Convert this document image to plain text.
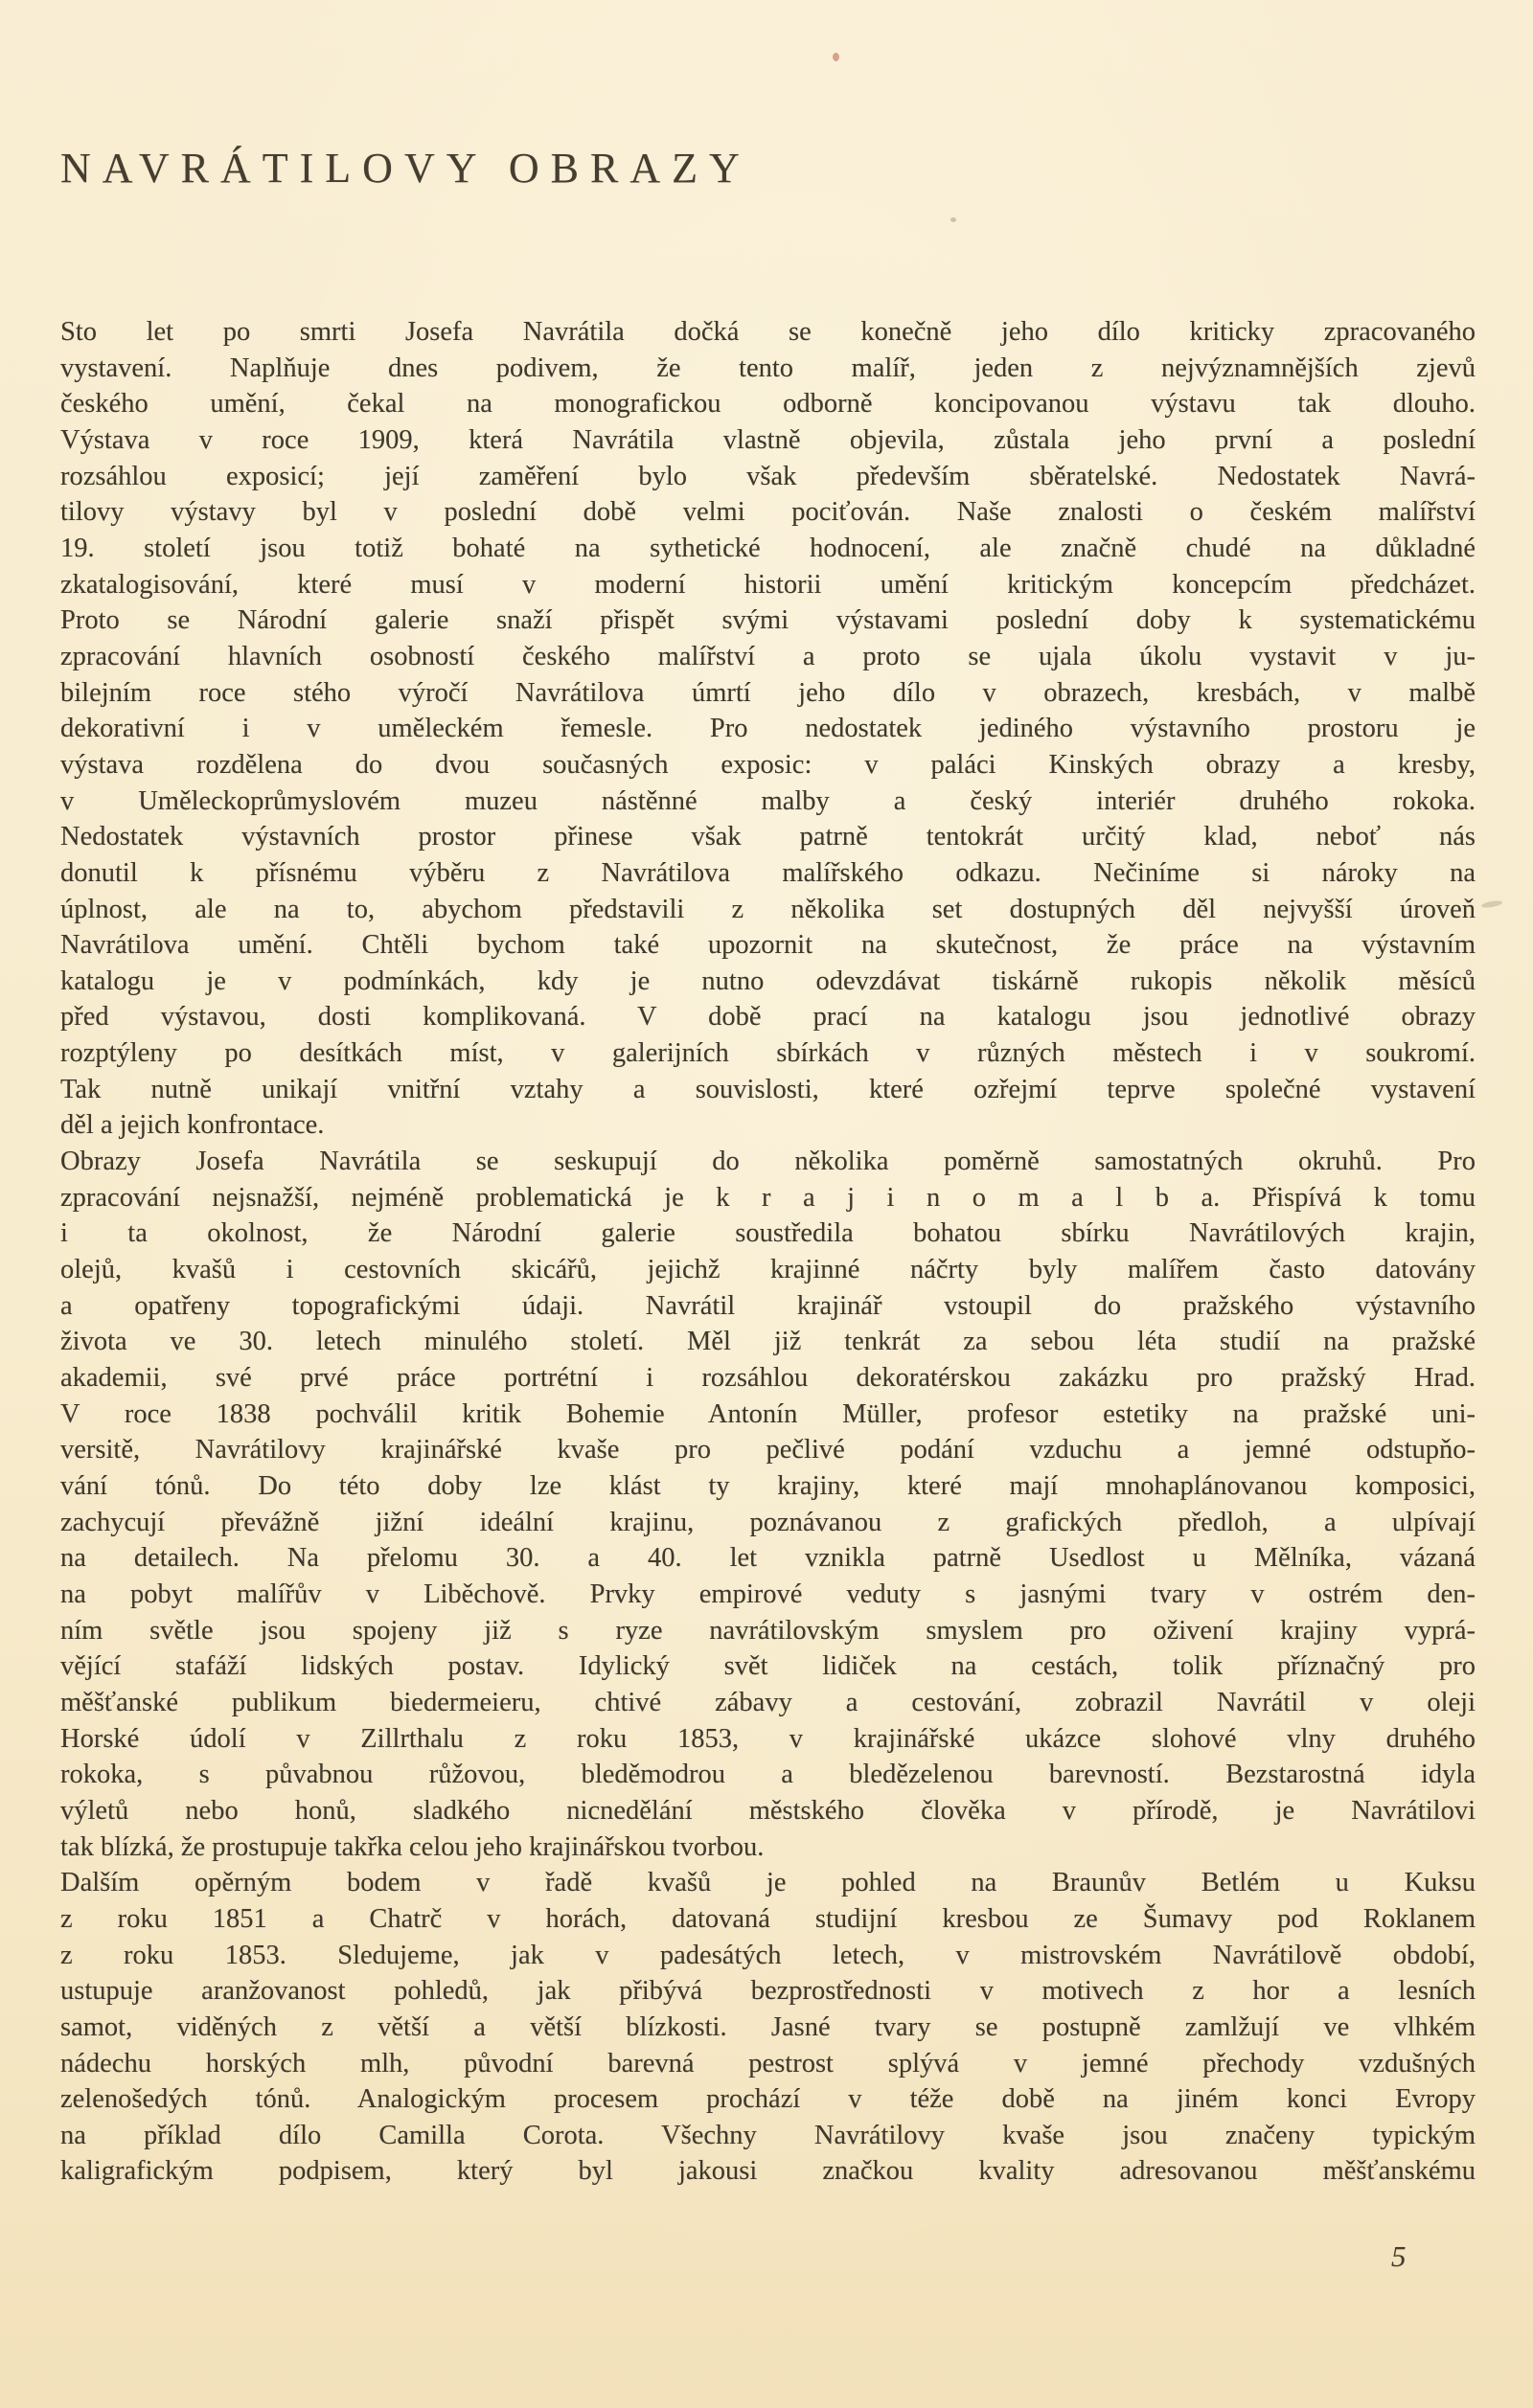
NAVRÁTILOVY OBRAZY
Sto let po smrti Josefa Navrátila dočká se konečně jeho dílo kriticky zpracovaného
vystavení. Naplňuje dnes podivem, že tento malíř, jeden z nejvýznamnějších zjevů
českého umění, čekal na monografickou odborně koncipovanou výstavu tak dlouho.
Výstava v roce 1909, která Navrátila vlastně objevila, zůstala jeho první a poslední
rozsáhlou exposicí; její zaměření bylo však především sběratelské. Nedostatek Navrá-
tilovy výstavy byl v poslední době velmi pociťován. Naše znalosti o českém malířství
19. století jsou totiž bohaté na sythetické hodnocení, ale značně chudé na důkladné
zkatalogisování, které musí v moderní historii umění kritickým koncepcím předcházet.
Proto se Národní galerie snaží přispět svými výstavami poslední doby k systematickému
zpracování hlavních osobností českého malířství a proto se ujala úkolu vystavit v ju-
bilejním roce stého výročí Navrátilova úmrtí jeho dílo v obrazech, kresbách, v malbě
dekorativní i v uměleckém řemesle. Pro nedostatek jediného výstavního prostoru je
výstava rozdělena do dvou současných exposic: v paláci Kinských obrazy a kresby,
v Uměleckoprůmyslovém muzeu nástěnné malby a český interiér druhého rokoka.
Nedostatek výstavních prostor přinese však patrně tentokrát určitý klad, neboť nás
donutil k přísnému výběru z Navrátilova malířského odkazu. Nečiníme si nároky na
úplnost, ale na to, abychom představili z několika set dostupných děl nejvyšší úroveň
Navrátilova umění. Chtěli bychom také upozornit na skutečnost, že práce na výstavním
katalogu je v podmínkách, kdy je nutno odevzdávat tiskárně rukopis několik měsíců
před výstavou, dosti komplikovaná. V době prací na katalogu jsou jednotlivé obrazy
rozptýleny po desítkách míst, v galerijních sbírkách v různých městech i v soukromí.
Tak nutně unikají vnitřní vztahy a souvislosti, které ozřejmí teprve společné vystavení
děl a jejich konfrontace.
Obrazy Josefa Navrátila se seskupují do několika poměrně samostatných okruhů. Pro
zpracování nejsnažší, nejméně problematická je k r a j i n o m a l b a. Přispívá k tomu
i ta okolnost, že Národní galerie soustředila bohatou sbírku Navrátilových krajin,
olejů, kvašů i cestovních skicářů, jejichž krajinné náčrty byly malířem často datovány
a opatřeny topografickými údaji. Navrátil krajinář vstoupil do pražského výstavního
života ve 30. letech minulého století. Měl již tenkrát za sebou léta studií na pražské
akademii, své prvé práce portrétní i rozsáhlou dekoratérskou zakázku pro pražský Hrad.
V roce 1838 pochválil kritik Bohemie Antonín Müller, profesor estetiky na pražské uni-
versitě, Navrátilovy krajinářské kvaše pro pečlivé podání vzduchu a jemné odstupňo-
vání tónů. Do této doby lze klást ty krajiny, které mají mnohaplánovanou komposici,
zachycují převážně jižní ideální krajinu, poznávanou z grafických předloh, a ulpívají
na detailech. Na přelomu 30. a 40. let vznikla patrně Usedlost u Mělníka, vázaná
na pobyt malířův v Liběchově. Prvky empirové veduty s jasnými tvary v ostrém den-
ním světle jsou spojeny již s ryze navrátilovským smyslem pro oživení krajiny vyprá-
vějící stafáží lidských postav. Idylický svět lidiček na cestách, tolik příznačný pro
měšťanské publikum biedermeieru, chtivé zábavy a cestování, zobrazil Navrátil v oleji
Horské údolí v Zillrthalu z roku 1853, v krajinářské ukázce slohové vlny druhého
rokoka, s půvabnou růžovou, bleděmodrou a bledězelenou barevností. Bezstarostná idyla
výletů nebo honů, sladkého nicnedělání městského člověka v přírodě, je Navrátilovi
tak blízká, že prostupuje takřka celou jeho krajinářskou tvorbou.
Dalším opěrným bodem v řadě kvašů je pohled na Braunův Betlém u Kuksu
z roku 1851 a Chatrč v horách, datovaná studijní kresbou ze Šumavy pod Roklanem
z roku 1853. Sledujeme, jak v padesátých letech, v mistrovském Navrátilově období,
ustupuje aranžovanost pohledů, jak přibývá bezprostřednosti v motivech z hor a lesních
samot, viděných z větší a větší blízkosti. Jasné tvary se postupně zamlžují ve vlhkém
nádechu horských mlh, původní barevná pestrost splývá v jemné přechody vzdušných
zelenošedých tónů. Analogickým procesem prochází v téže době na jiném konci Evropy
na příklad dílo Camilla Corota. Všechny Navrátilovy kvaše jsou značeny typickým
kaligrafickým podpisem, který byl jakousi značkou kvality adresovanou měšťanskému
5
